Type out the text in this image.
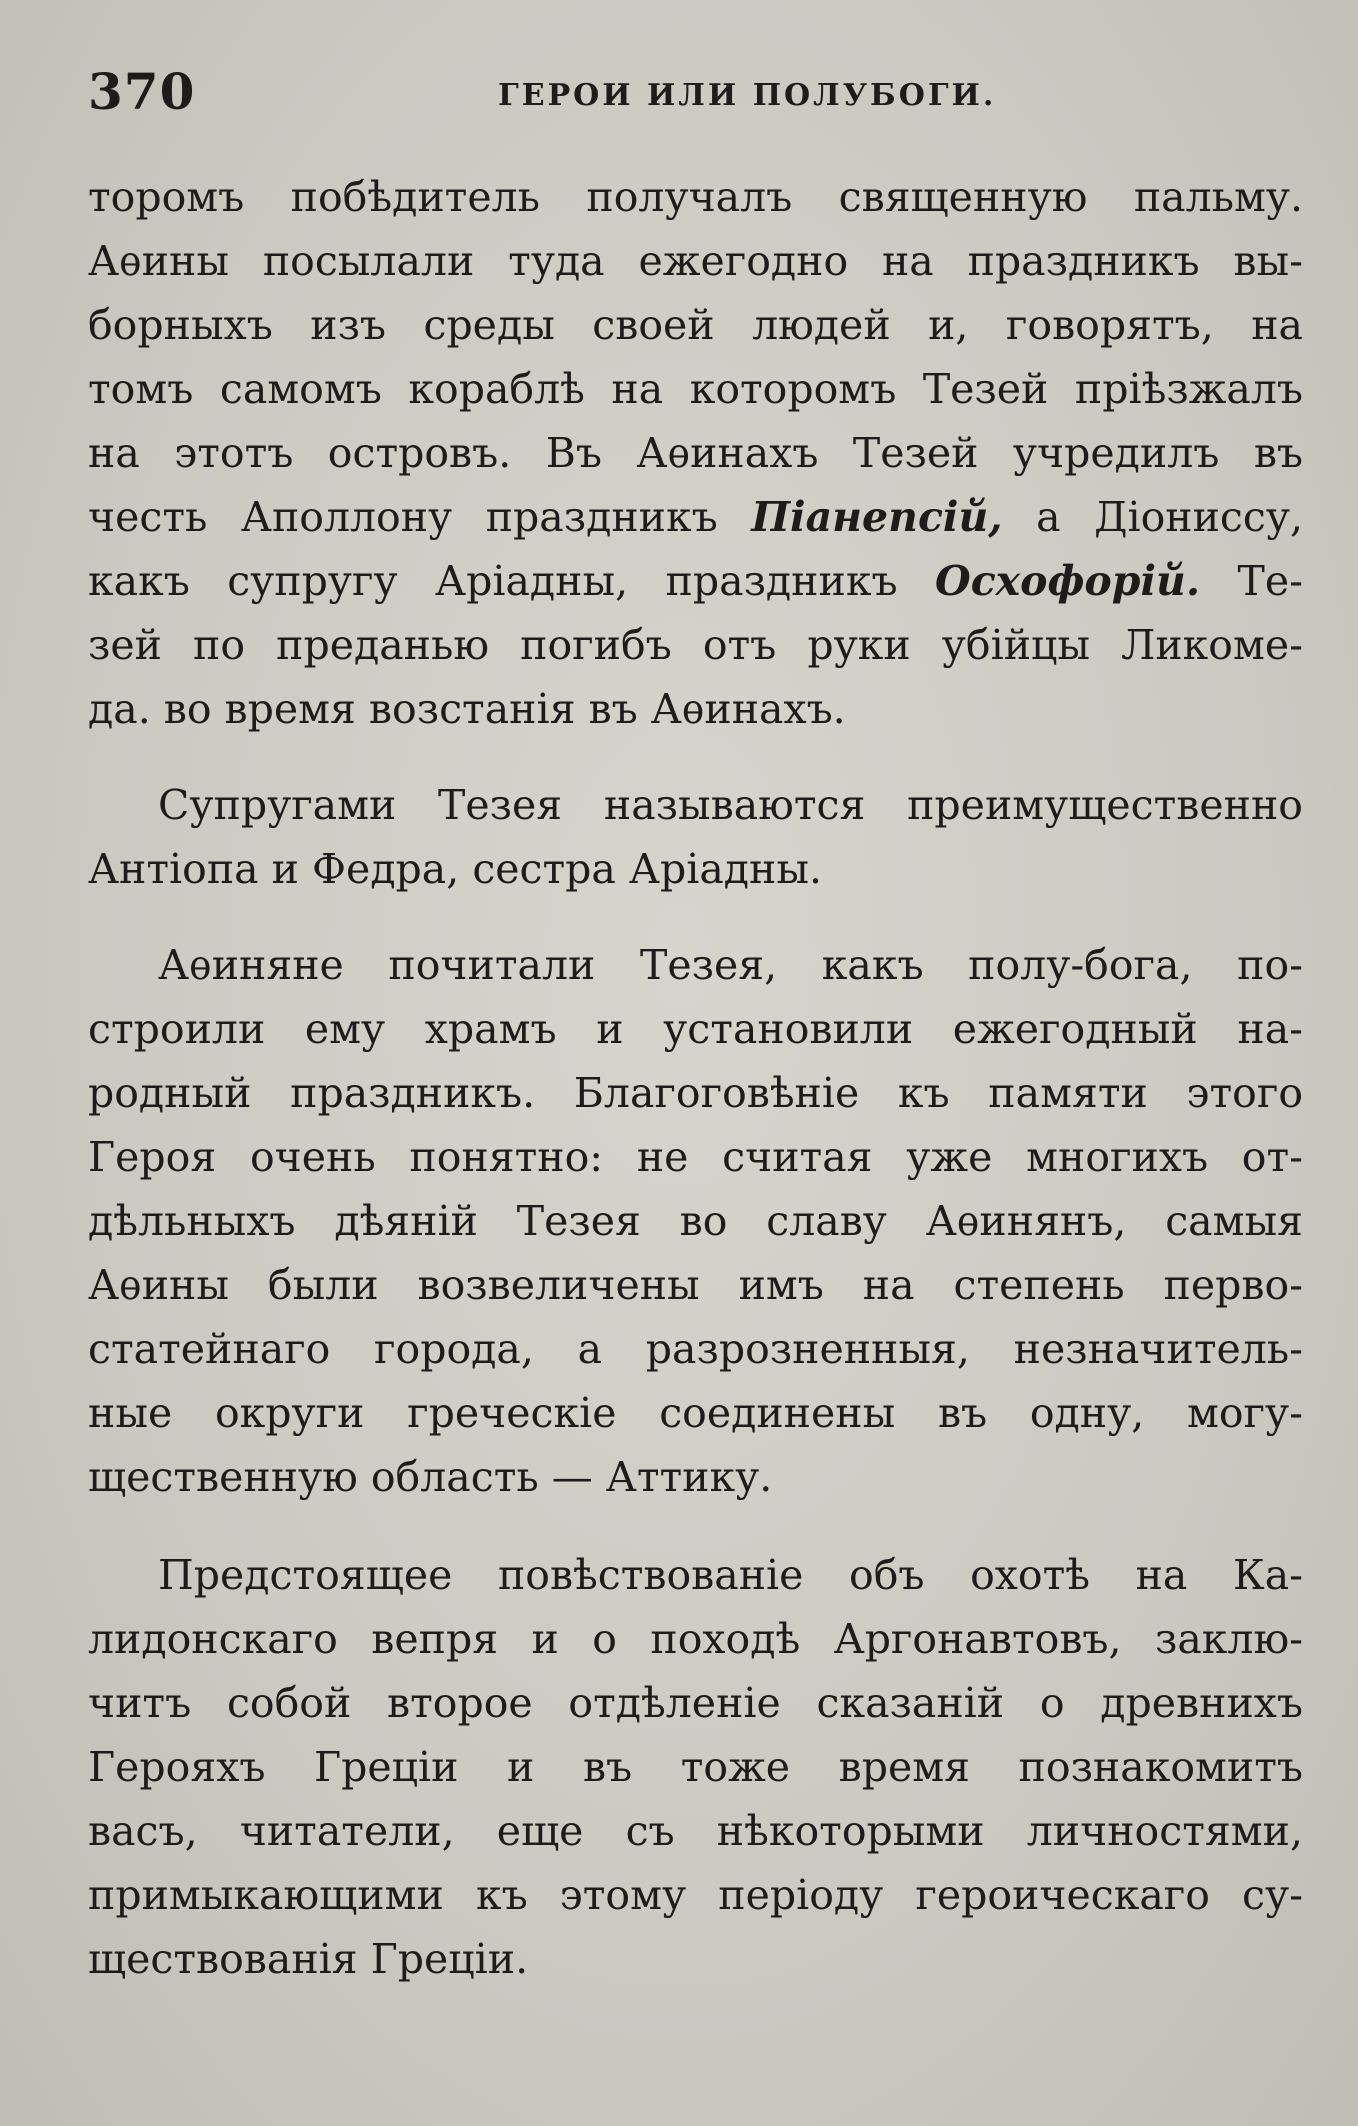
370	ГЕРОИ ИЛИ ПОЛУБОГИ.
торомъ побѣдитель получалъ священную пальму.
Аѳины посылали туда ежегодно на праздникъ вы-
борныхъ изъ среды своей людей и, говорятъ, на
томъ самомъ кораблѣ на которомъ Тезей пріѣзжалъ
на этотъ островъ. Въ Аѳинахъ Тезей учредилъ въ
честь Аполлону праздникъ Піанепсій, а Діониссу,
какъ супругу Аріадны, праздникъ Осхофорій. Те-
зей по преданью погибъ отъ руки убійцы Ликоме-
да. во время возстанія въ Аѳинахъ.
Супругами Тезея называются преимущественно
Антіопа и Федра, сестра Аріадны.
Аѳиняне почитали Тезея, какъ полу-бога, по-
строили ему храмъ и установили ежегодный на-
родный праздникъ. Благоговѣніе къ памяти этого
Героя очень понятно: не считая уже многихъ от-
дѣльныхъ дѣяній Тезея во славу Аѳинянъ, самыя
Аѳины были возвеличены имъ на степень перво-
статейнаго города, а разрозненныя, незначитель-
ные округи греческіе соединены въ одну, могу-
щественную область — Аттику.
Предстоящее повѣствованіе объ охотѣ на Ка-
лидонскаго вепря и о походѣ Аргонавтовъ, заклю-
читъ собой второе отдѣленіе сказаній о древнихъ
Герояхъ Греціи и въ тоже время познакомитъ
васъ, читатели, еще съ нѣкоторыми личностями,
примыкающими къ этому періоду героическаго су-
ществованія Греціи.
